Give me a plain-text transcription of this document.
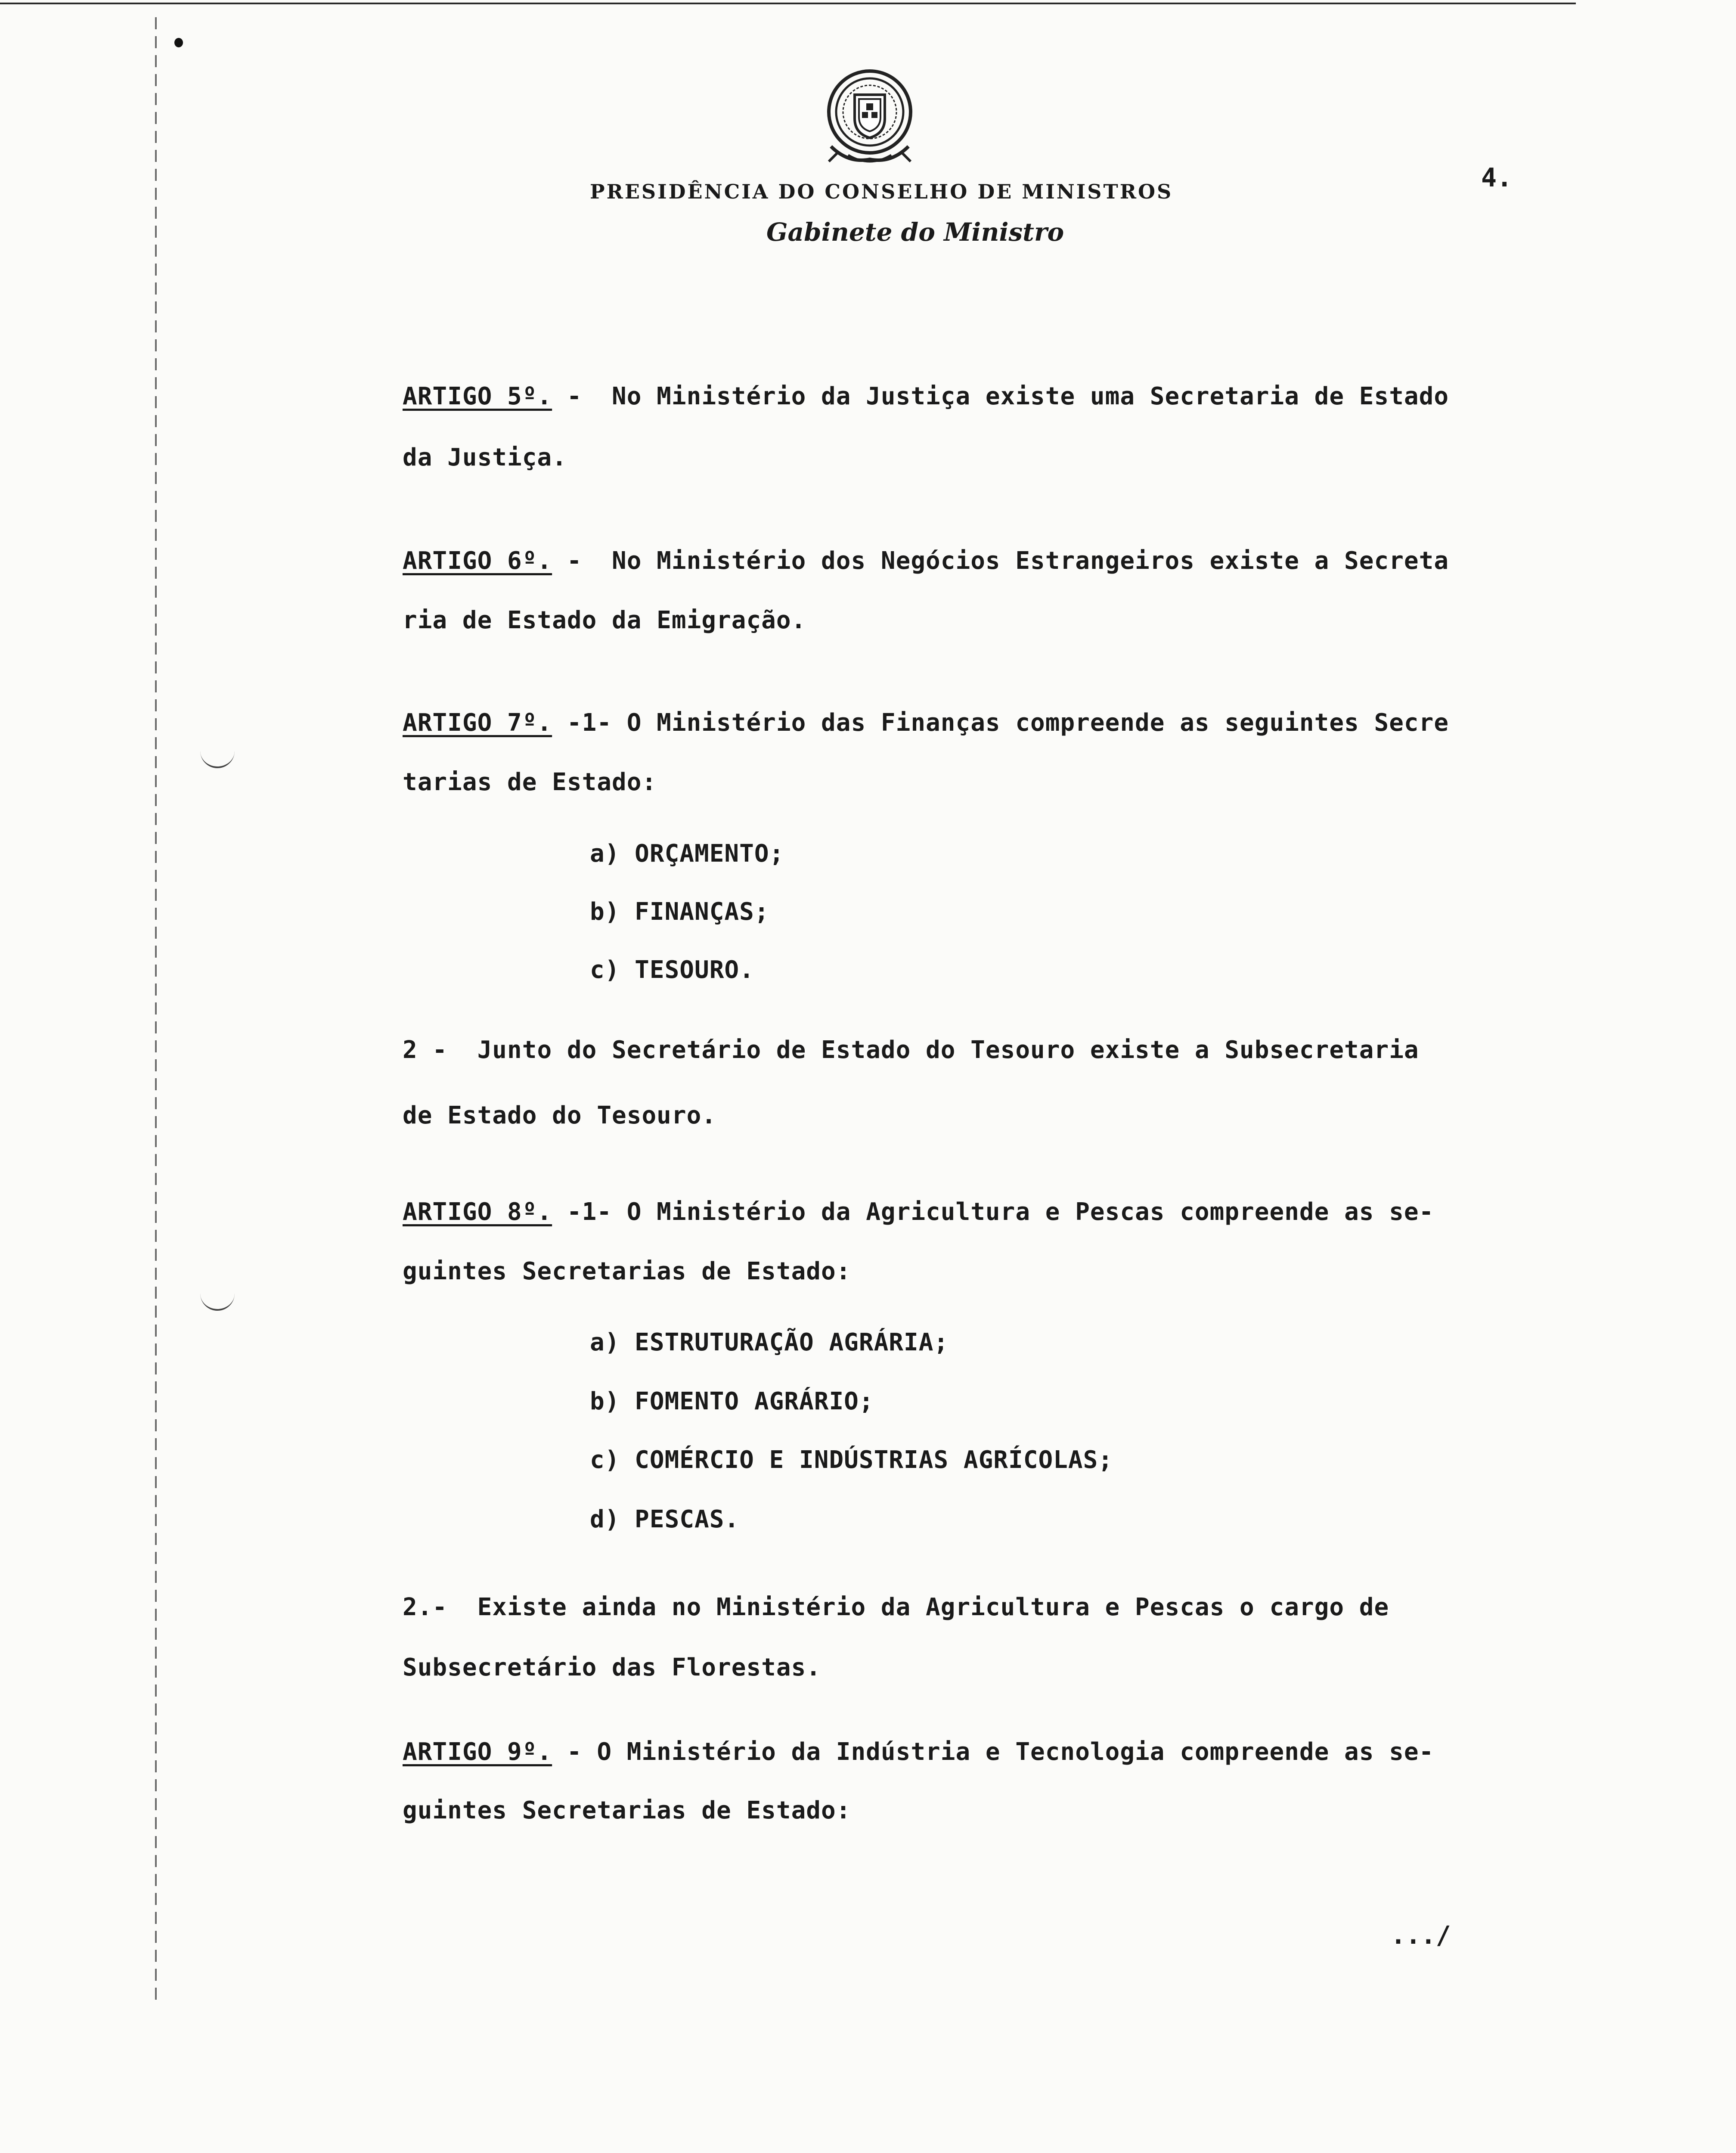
PRESIDÊNCIA DO CONSELHO DE MINISTROS
Gabinete do Ministro
4.
ARTIGO 5º. - No Ministério da Justiça existe uma Secretaria de Estado
da Justiça.
ARTIGO 6º. - No Ministério dos Negócios Estrangeiros existe a Secreta
ria de Estado da Emigração.
ARTIGO 7º. -1- O Ministério das Finanças compreende as seguintes Secre
tarias de Estado:
a) ORÇAMENTO;
b) FINANÇAS;
c) TESOURO.
2 - Junto do Secretário de Estado do Tesouro existe a Subsecretaria
de Estado do Tesouro.
ARTIGO 8º. -1- O Ministério da Agricultura e Pescas compreende as se-
guintes Secretarias de Estado:
a) ESTRUTURAÇÃO AGRÁRIA;
b) FOMENTO AGRÁRIO;
c) COMÉRCIO E INDÚSTRIAS AGRÍCOLAS;
d) PESCAS.
2.- Existe ainda no Ministério da Agricultura e Pescas o cargo de
Subsecretário das Florestas.
ARTIGO 9º. - O Ministério da Indústria e Tecnologia compreende as se-
guintes Secretarias de Estado:
.../
